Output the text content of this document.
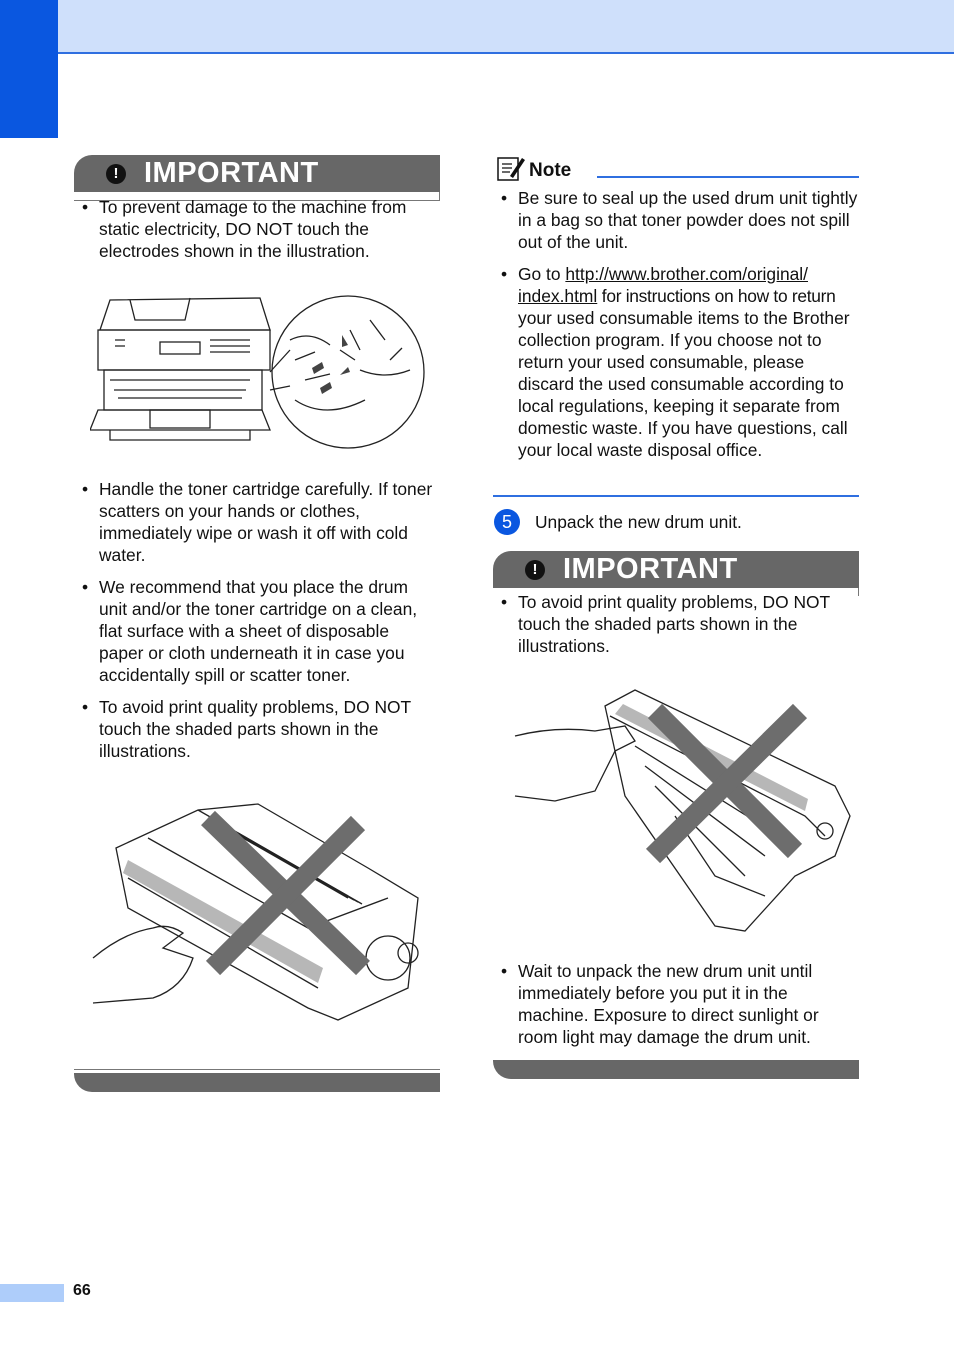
66
! IMPORTANT
• To prevent damage to the machine from static electricity, DO NOT touch the electrodes shown in the illustration.
• Handle the toner cartridge carefully. If toner scatters on your hands or clothes, immediately wipe or wash it off with cold water.
• We recommend that you place the drum unit and/or the toner cartridge on a clean, flat surface with a sheet of disposable paper or cloth underneath it in case you accidentally spill or scatter toner.
• To avoid print quality problems, DO NOT touch the shaded parts shown in the illustrations.
Note
• Be sure to seal up the used drum unit tightly in a bag so that toner powder does not spill out of the unit.
• Go to http://www.brother.com/original/
index.html for instructions on how to return
your used consumable items to the Brother collection program. If you choose not to return your used consumable, please discard the used consumable according to local regulations, keeping it separate from domestic waste. If you have questions, call your local waste disposal office.
5	Unpack the new drum unit.
! IMPORTANT
• To avoid print quality problems, DO NOT touch the shaded parts shown in the illustrations.
• Wait to unpack the new drum unit until immediately before you put it in the machine. Exposure to direct sunlight or room light may damage the drum unit.
